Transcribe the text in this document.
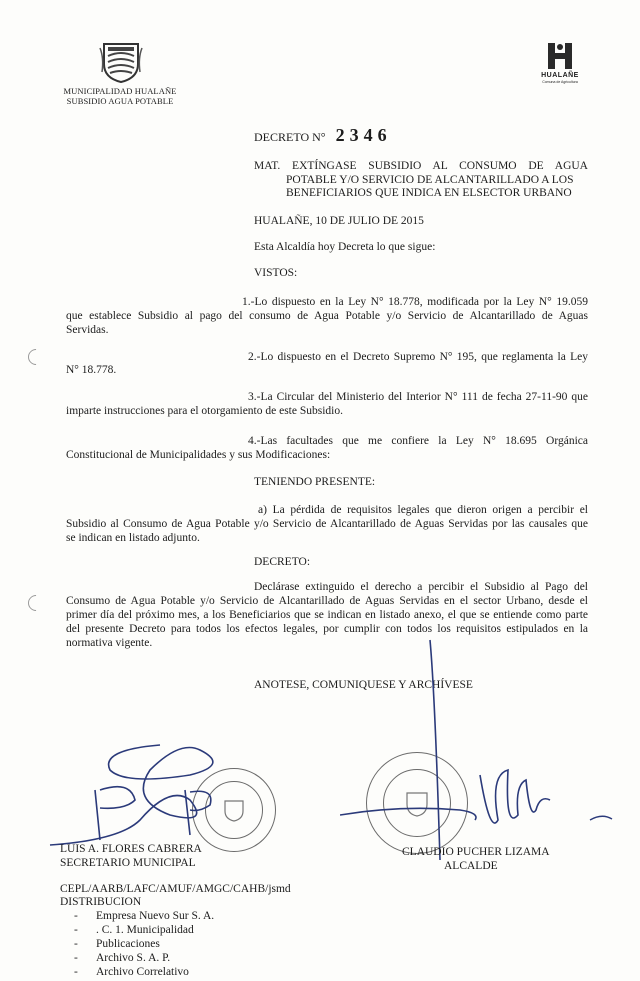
MUNICIPALIDAD HUALAÑE
SUBSIDIO AGUA POTABLE
HUALAÑE
Comuna de Agricultura
DECRETO N° 2346
MAT. EXTÍNGASE SUBSIDIO AL CONSUMO DE AGUA
POTABLE Y/O SERVICIO DE ALCANTARILLADO A LOS
BENEFICIARIOS QUE INDICA EN ELSECTOR URBANO
HUALAÑE, 10 DE JULIO DE 2015
Esta Alcaldía hoy Decreta lo que sigue:
VISTOS:
1.-Lo dispuesto en la Ley N° 18.778, modificada por la Ley N° 19.059
que establece Subsidio al pago del consumo de Agua Potable y/o Servicio de Alcantarillado de Aguas
Servidas.
2.-Lo dispuesto en el Decreto Supremo N° 195, que reglamenta la Ley
N° 18.778.
3.-La Circular del Ministerio del Interior N° 111 de fecha 27-11-90 que
imparte instrucciones para el otorgamiento de este Subsidio.
4.-Las facultades que me confiere la Ley N° 18.695 Orgánica
Constitucional de Municipalidades y sus Modificaciones:
TENIENDO PRESENTE:
a) La pérdida de requisitos legales que dieron origen a percibir el
Subsidio al Consumo de Agua Potable y/o Servicio de Alcantarillado de Aguas Servidas por las causales que
se indican en listado adjunto.
DECRETO:
Declárase extinguido el derecho a percibir el Subsidio al Pago del
Consumo de Agua Potable y/o Servicio de Alcantarillado de Aguas Servidas en el sector Urbano, desde el
primer día del próximo mes, a los Beneficiarios que se indican en listado anexo, el que se entiende como parte
del presente Decreto para todos los efectos legales, por cumplir con todos los requisitos estipulados en la
normativa vigente.
ANOTESE, COMUNIQUESE Y ARCHÍVESE
LUIS A. FLORES CABRERA
SECRETARIO MUNICIPAL
CLAUDIO PUCHER LIZAMA
ALCALDE
CEPL/AARB/LAFC/AMUF/AMGC/CAHB/jsmd
DISTRIBUCION
- Empresa Nuevo Sur S. A.
- . C. 1. Municipalidad
- Publicaciones
- Archivo S. A. P.
- Archivo Correlativo
